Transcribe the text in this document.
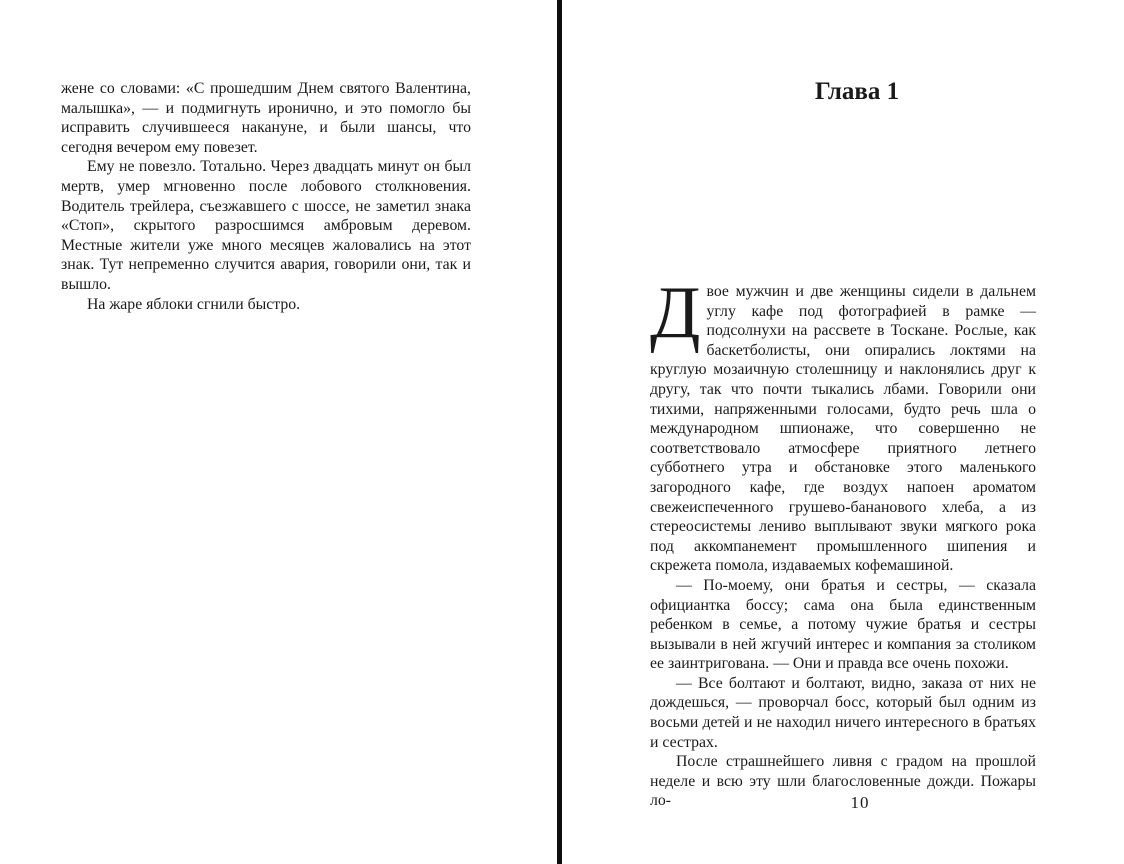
жене со словами: «С прошедшим Днем святого Валентина, малышка», — и подмигнуть иронично, и это помогло бы исправить случившееся накануне, и были шансы, что сегодня вечером ему повезет.

Ему не повезло. Тотально. Через двадцать минут он был мертв, умер мгновенно после лобового столкновения. Водитель трейлера, съезжавшего с шоссе, не заметил знака «Стоп», скрытого разросшимся амбровым деревом. Местные жители уже много месяцев жаловались на этот знак. Тут непременно случится авария, говорили они, так и вышло.

На жаре яблоки сгнили быстро.

Глава 1

Двое мужчин и две женщины сидели в дальнем углу кафе под фотографией в рамке — подсолнухи на рассвете в Тоскане. Рослые, как баскетболисты, они опирались локтями на круглую мозаичную столешницу и наклонялись друг к другу, так что почти тыкались лбами. Говорили они тихими, напряженными голосами, будто речь шла о международном шпионаже, что совершенно не соответствовало атмосфере приятного летнего субботнего утра и обстановке этого маленького загородного кафе, где воздух напоен ароматом свежеиспеченного грушево-бананового хлеба, а из стереосистемы лениво выплывают звуки мягкого рока под аккомпанемент промышленного шипения и скрежета помола, издаваемых кофемашиной.

— По-моему, они братья и сестры, — сказала официантка боссу; сама она была единственным ребенком в семье, а потому чужие братья и сестры вызывали в ней жгучий интерес и компания за столиком ее заинтригована. — Они и правда все очень похожи.

— Все болтают и болтают, видно, заказа от них не дождешься, — проворчал босс, который был одним из восьми детей и не находил ничего интересного в братьях и сестрах.

После страшнейшего ливня с градом на прошлой неделе и всю эту шли благословенные дожди. Пожары ло-	10
